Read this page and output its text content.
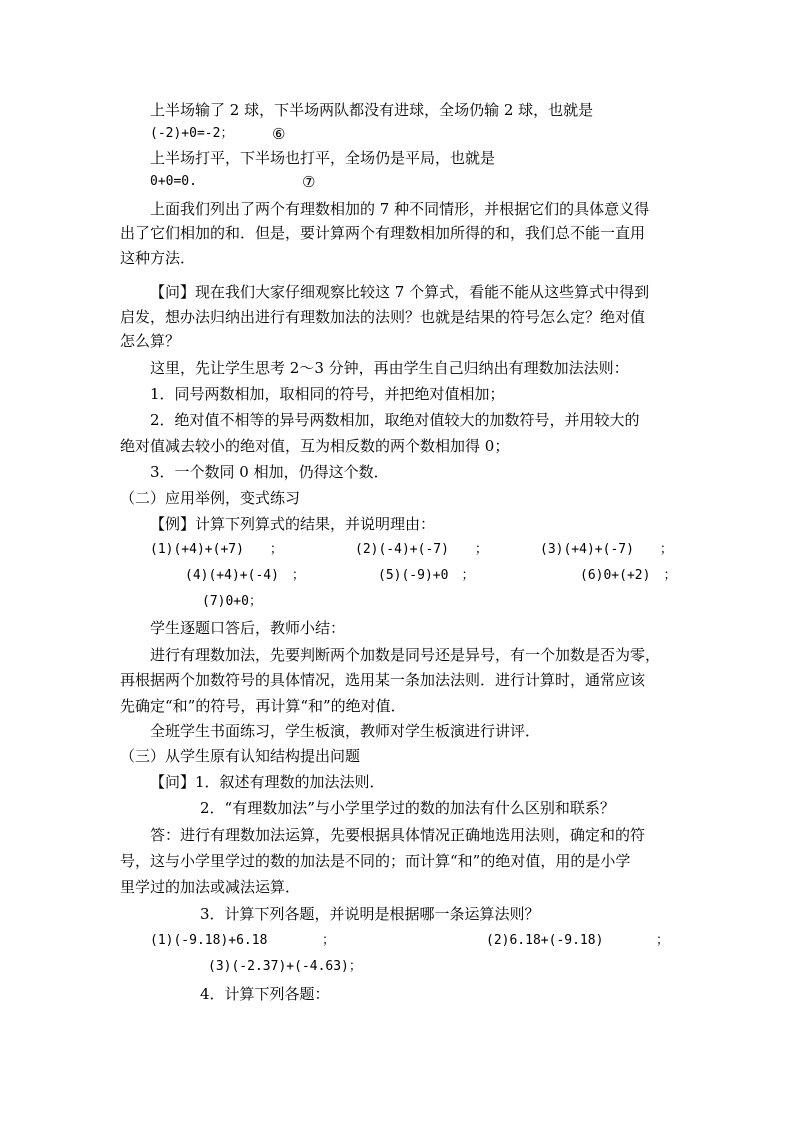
上半场输了 2 球，下半场两队都没有进球，全场仍输 2 球，也就是
(-2)+0=-2；	⑥
上半场打平，下半场也打平，全场仍是平局，也就是
0+0=0.	⑦
上面我们列出了两个有理数相加的 7 种不同情形，并根据它们的具体意义得
出了它们相加的和．但是，要计算两个有理数相加所得的和，我们总不能一直用
这种方法．
【问】现在我们大家仔细观察比较这 7 个算式，看能不能从这些算式中得到
启发，想办法归纳出进行有理数加法的法则？也就是结果的符号怎么定？绝对值
怎么算？
这里，先让学生思考 2～3 分钟，再由学生自己归纳出有理数加法法则：
1．同号两数相加，取相同的符号，并把绝对值相加；
2．绝对值不相等的异号两数相加，取绝对值较大的加数符号，并用较大的
绝对值减去较小的绝对值，互为相反数的两个数相加得 0；
3．一个数同 0 相加，仍得这个数．
（二）应用举例，变式练习
【例】计算下列算式的结果，并说明理由：
(1)(+4)+(+7)　　；	(2)(-4)+(-7)　　；	(3)(+4)+(-7)　　；
(4)(+4)+(-4)　；	(5)(-9)+0　；	(6)0+(+2)　；
(7)0+0；
学生逐题口答后，教师小结：
进行有理数加法，先要判断两个加数是同号还是异号，有一个加数是否为零，
再根据两个加数符号的具体情况，选用某一条加法法则．进行计算时，通常应该
先确定“和”的符号，再计算“和”的绝对值．
全班学生书面练习，学生板演，教师对学生板演进行讲评．
（三）从学生原有认知结构提出问题
【问】1．叙述有理数的加法法则．
2．“有理数加法”与小学里学过的数的加法有什么区别和联系？
答：进行有理数加法运算，先要根据具体情况正确地选用法则，确定和的符
号，这与小学里学过的数的加法是不同的；而计算“和”的绝对值，用的是小学
里学过的加法或减法运算．
3．计算下列各题，并说明是根据哪一条运算法则？
(1)(-9.18)+6.18	；	(2)6.18+(-9.18)	；
(3)(-2.37)+(-4.63)；
4．计算下列各题：
